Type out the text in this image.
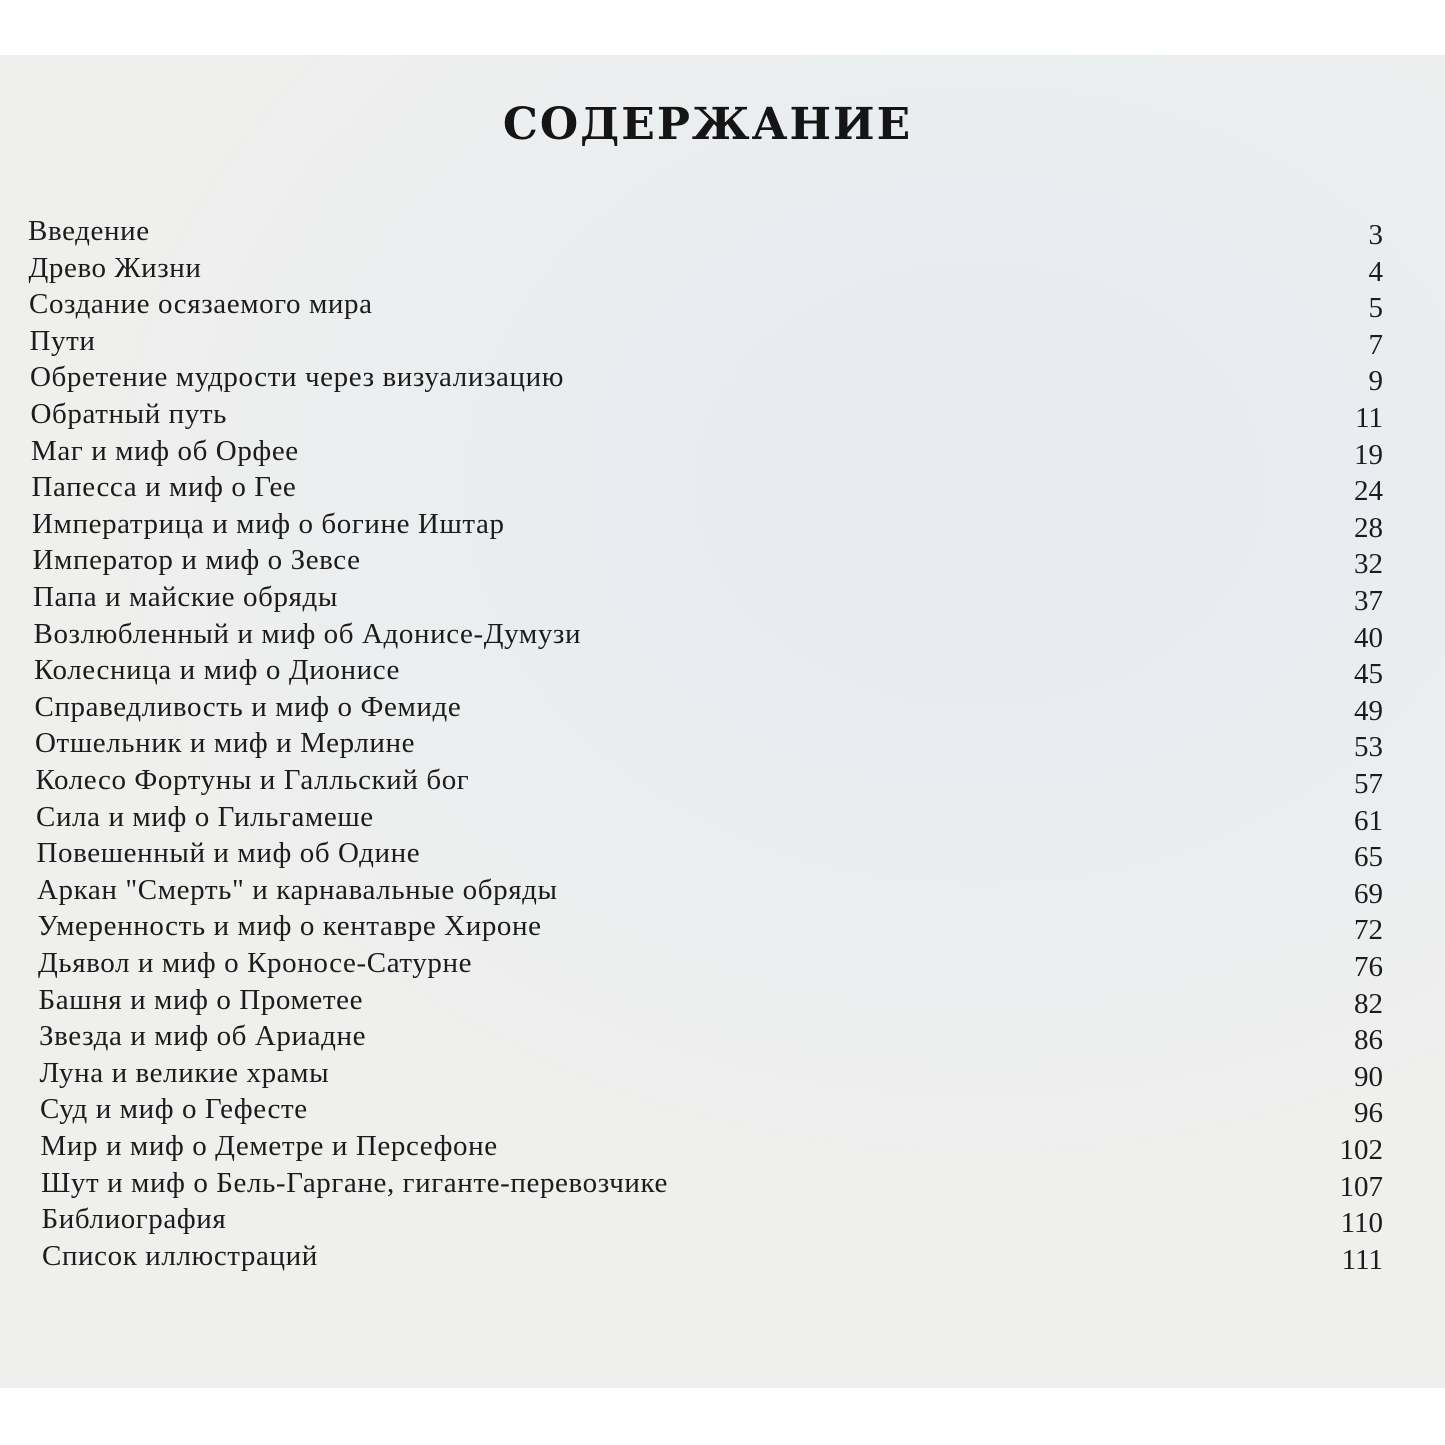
СОДЕРЖАНИЕ
Введение	3
Древо Жизни	4
Создание осязаемого мира	5
Пути	7
Обретение мудрости через визуализацию	9
Обратный путь	11
Маг и миф об Орфее	19
Папесса и миф о Гее	24
Императрица и миф о богине Иштар	28
Император и миф о Зевсе	32
Папа и майские обряды	37
Возлюбленный и миф об Адонисе-Думузи	40
Колесница и миф о Дионисе	45
Справедливость и миф о Фемиде	49
Отшельник и миф и Мерлине	53
Колесо Фортуны и Галльский бог	57
Сила и миф о Гильгамеше	61
Повешенный и миф об Одине	65
Аркан "Смерть" и карнавальные обряды	69
Умеренность и миф о кентавре Хироне	72
Дьявол и миф о Кроносе-Сатурне	76
Башня и миф о Прометее	82
Звезда и миф об Ариадне	86
Луна и великие храмы	90
Суд и миф о Гефесте	96
Мир и миф о Деметре и Персефоне	102
Шут и миф о Бель-Гаргане, гиганте-перевозчике	107
Библиография	110
Список иллюстраций	111
